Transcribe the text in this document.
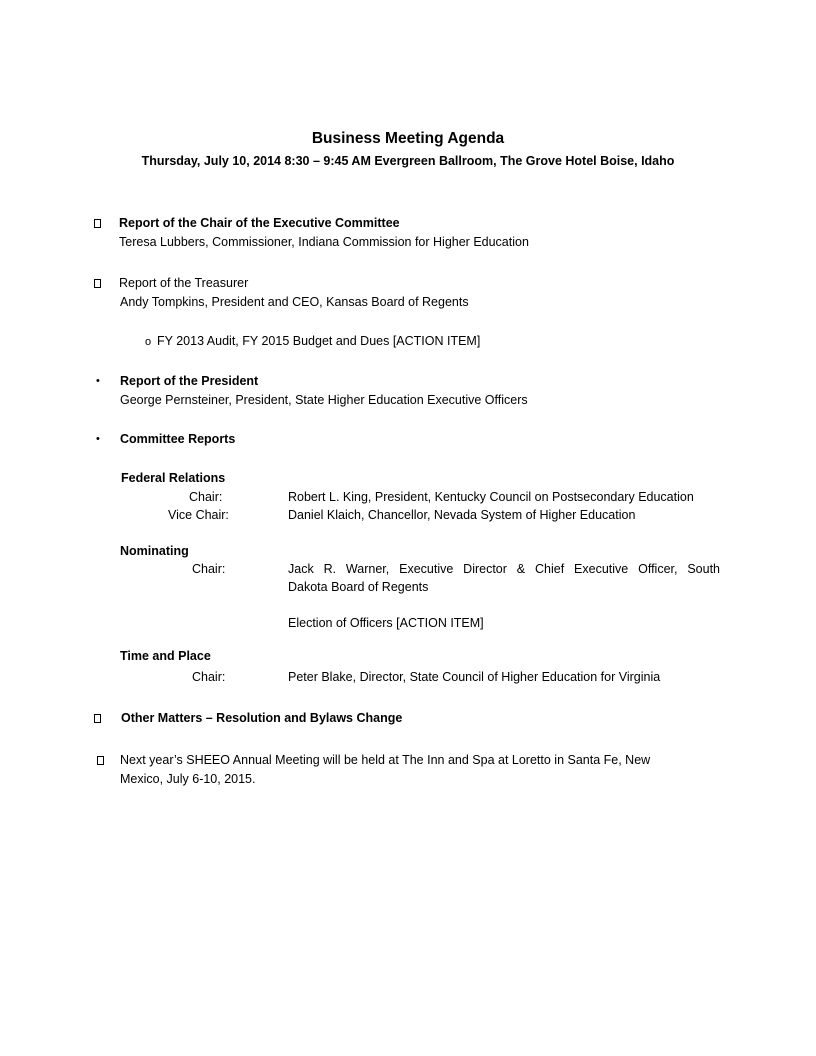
Business Meeting Agenda
Thursday, July 10, 2014 8:30 – 9:45 AM Evergreen Ballroom, The Grove Hotel Boise, Idaho
Report of the Chair of the Executive Committee
Teresa Lubbers, Commissioner, Indiana Commission for Higher Education
Report of the Treasurer
Andy Tompkins, President and CEO, Kansas Board of Regents
o FY 2013 Audit, FY 2015 Budget and Dues [ACTION ITEM]
• Report of the President
George Pernsteiner, President, State Higher Education Executive Officers
• Committee Reports
Federal Relations
Chair:	Robert L. King, President, Kentucky Council on Postsecondary Education
Vice Chair:	Daniel Klaich, Chancellor, Nevada System of Higher Education
Nominating
Chair:	Jack R. Warner, Executive Director & Chief Executive Officer, South
Dakota Board of Regents
Election of Officers [ACTION ITEM]
Time and Place
Chair:	Peter Blake, Director, State Council of Higher Education for Virginia
Other Matters – Resolution and Bylaws Change
Next year’s SHEEO Annual Meeting will be held at The Inn and Spa at Loretto in Santa Fe, New
Mexico, July 6-10, 2015.
